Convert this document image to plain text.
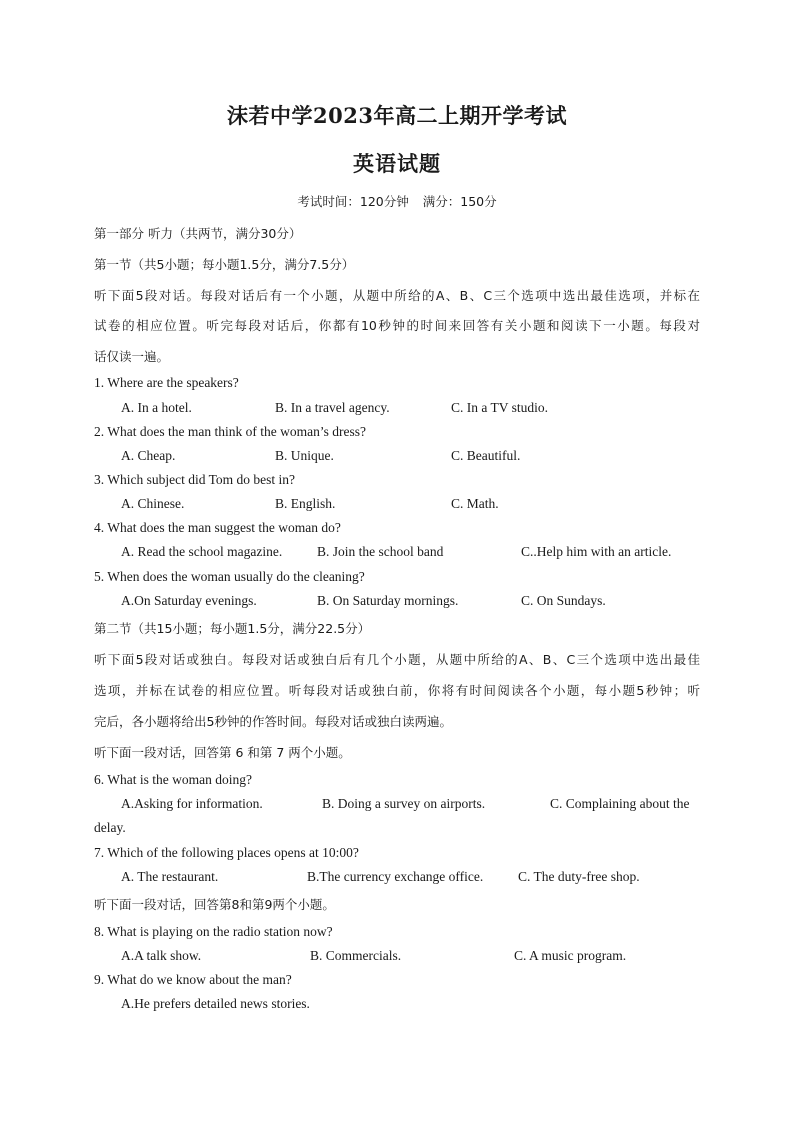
沫若中学2023年高二上期开学考试
英语试题
考试时间：120分钟 满分：150分
第一部分 听力（共两节，满分30分）
第一节（共5小题；每小题1.5分，满分7.5分）
听下面5段对话。每段对话后有一个小题，从题中所给的A、B、C三个选项中选出最佳选项，并标在
试卷的相应位置。听完每段对话后，你都有10秒钟的时间来回答有关小题和阅读下一小题。每段对
话仅读一遍。
1. Where are the speakers?
A. In a hotel.	B. In a travel agency.	C. In a TV studio.
2. What does the man think of the woman’s dress?
A. Cheap.	B. Unique.	C. Beautiful.
3. Which subject did Tom do best in?
A. Chinese.	B. English.	C. Math.
4. What does the man suggest the woman do?
A. Read the school magazine.	B. Join the school band	C..Help him with an article.
5. When does the woman usually do the cleaning?
A.On Saturday evenings.	B. On Saturday mornings.	C. On Sundays.
第二节（共15小题；每小题1.5分，满分22.5分）
听下面5段对话或独白。每段对话或独白后有几个小题，从题中所给的A、B、C三个选项中选出最佳
选项，并标在试卷的相应位置。听每段对话或独白前，你将有时间阅读各个小题，每小题5秒钟；听
完后，各小题将给出5秒钟的作答时间。每段对话或独白读两遍。
听下面一段对话，回答第 6 和第 7 两个小题。
6. What is the woman doing?
A.Asking for information.	B. Doing a survey on airports.	C. Complaining about the
delay.
7. Which of the following places opens at 10:00?
A. The restaurant.	B.The currency exchange office.	C. The duty-free shop.
听下面一段对话，回答第8和第9两个小题。
8. What is playing on the radio station now?
A.A talk show.	B. Commercials.	C. A music program.
9. What do we know about the man?
A.He prefers detailed news stories.
